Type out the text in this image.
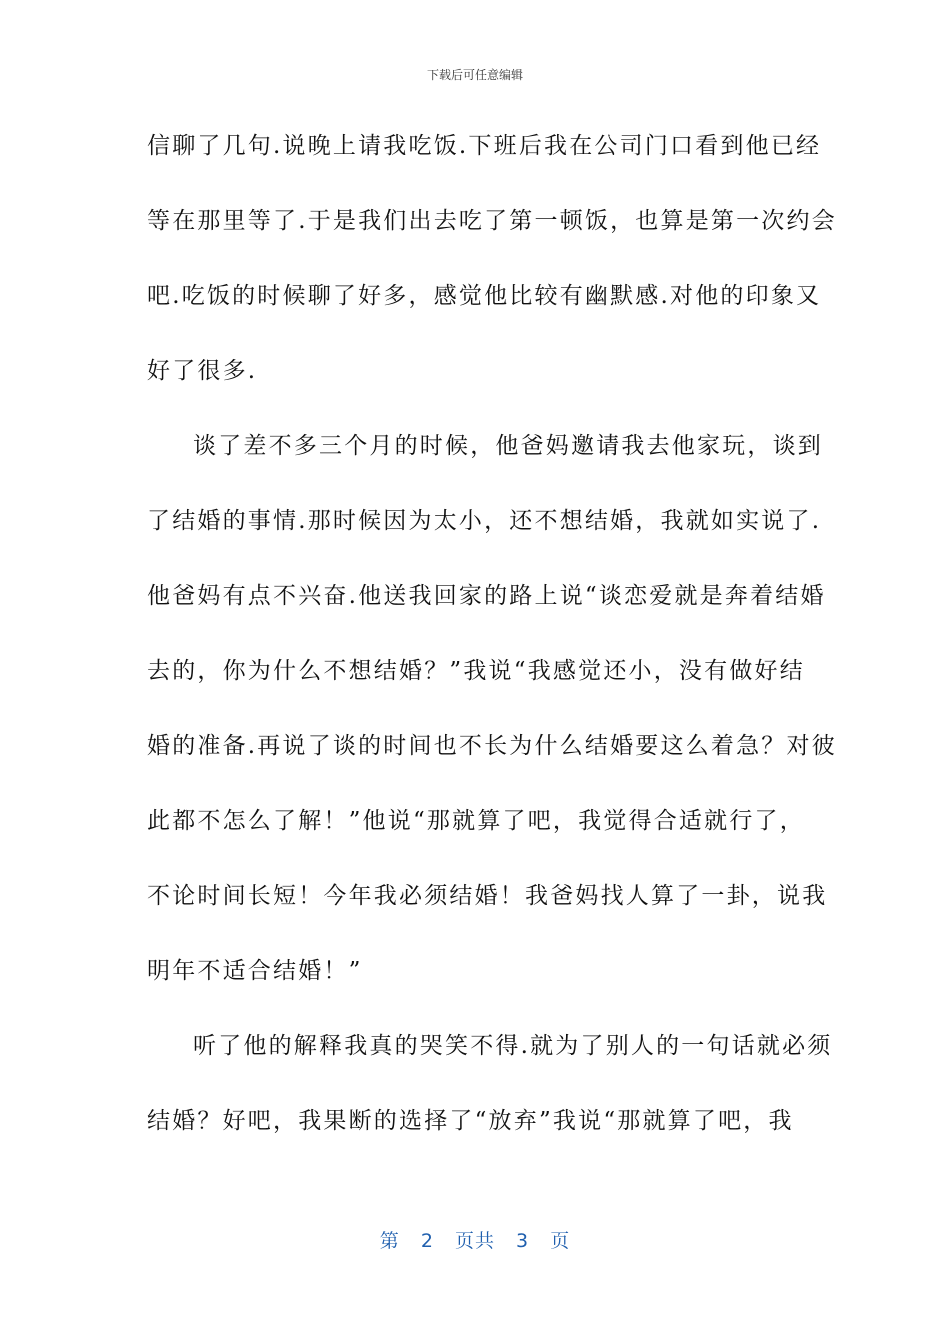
下载后可任意编辑
信聊了几句.说晚上请我吃饭.下班后我在公司门口看到他已经
等在那里等了.于是我们出去吃了第一顿饭，也算是第一次约会
吧.吃饭的时候聊了好多，感觉他比较有幽默感.对他的印象又
好了很多.
谈了差不多三个月的时候，他爸妈邀请我去他家玩，谈到
了结婚的事情.那时候因为太小，还不想结婚，我就如实说了.
他爸妈有点不兴奋.他送我回家的路上说“谈恋爱就是奔着结婚
去的，你为什么不想结婚？”我说“我感觉还小，没有做好结
婚的准备.再说了谈的时间也不长为什么结婚要这么着急？对彼
此都不怎么了解！”他说“那就算了吧，我觉得合适就行了，
不论时间长短！今年我必须结婚！我爸妈找人算了一卦，说我
明年不适合结婚！”
听了他的解释我真的哭笑不得.就为了别人的一句话就必须
结婚？好吧，我果断的选择了“放弃”我说“那就算了吧，我
第 2 页共 3 页
